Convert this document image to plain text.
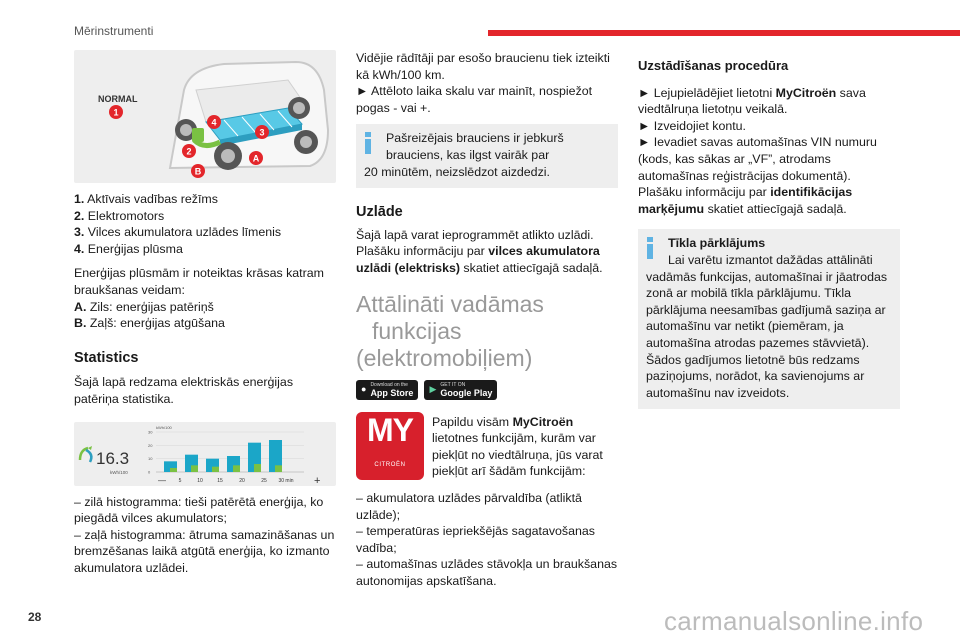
Mērinstrumenti
NORMAL
1
4
3
2
A
B
1. Aktīvais vadības režīms
2. Elektromotors
3. Vilces akumulatora uzlādes līmenis
4. Enerģijas plūsma

Enerģijas plūsmām ir noteiktas krāsas katram braukšanas veidam:

A. Zils: enerģijas patēriņš
B. Zaļš: enerģijas atgūšana
Statistics

Šajā lapā redzama elektriskās enerģijas patēriņa statistika.

16.3
kWh/100
kWh/100
30
20
10
0
—	5	10	15	20	25 30 min +

– zilā histogramma: tieši patērētā enerģija, ko piegādā vilces akumulators;

– zaļā histogramma: ātruma samazināšanas un bremzēšanas laikā atgūtā enerģija, ko izmanto akumulatora uzlādei.

Vidējie rādītāji par esošo braucienu tiek izteikti kā kWh/100 km.

► Attēloto laika skalu var mainīt, nospiežot pogas - vai +.

Pašreizējais brauciens ir jebkurš
brauciens, kas ilgst vairāk par
20 minūtēm, neizslēdzot aizdedzi.
Uzlāde

Šajā lapā varat ieprogrammēt atlikto uzlādi. Plašāku informāciju par vilces akumulatora uzlādi (elektrisks) skatiet attiecīgajā sadaļā.

Attālināti vadāmas
funkcijas
(elektromobiļiem)
● Download on the
App Store ▶ GET IT ON
Google Play
MY
CITROËN

Papildu visām MyCitroën lietotnes funkcijām, kurām var piekļūt no viedtālruņa, jūs varat piekļūt arī šādām funkcijām:

– akumulatora uzlādes pārvaldība (atliktā uzlāde);

– temperatūras iepriekšējās sagatavošanas vadība;

– automašīnas uzlādes stāvokļa un braukšanas autonomijas apskatīšana.

Uzstādīšanas procedūra

► Lejupielādējiet lietotni MyCitroën sava viedtālruņa lietotņu veikalā.

► Izveidojiet kontu.

► Ievadiet savas automašīnas VIN numuru (kods, kas sākas ar „VF”, atrodams automašīnas reģistrācijas dokumentā).

Plašāku informāciju par identifikācijas marķējumu skatiet attiecīgajā sadaļā.

Tīkla pārklājums
Lai varētu izmantot dažādas attālināti
vadāmās funkcijas, automašīnai ir jāatrodas zonā ar mobilā tīkla pārklājumu. Tīkla pārklājuma neesamības gadījumā saziņa ar automašīnu var netikt (piemēram, ja automašīna atrodas pazemes stāvvietā). Šādos gadījumos lietotnē būs redzams paziņojums, norādot, ka savienojums ar automašīnu nav izveidots.
28	carmanualsonline.info
